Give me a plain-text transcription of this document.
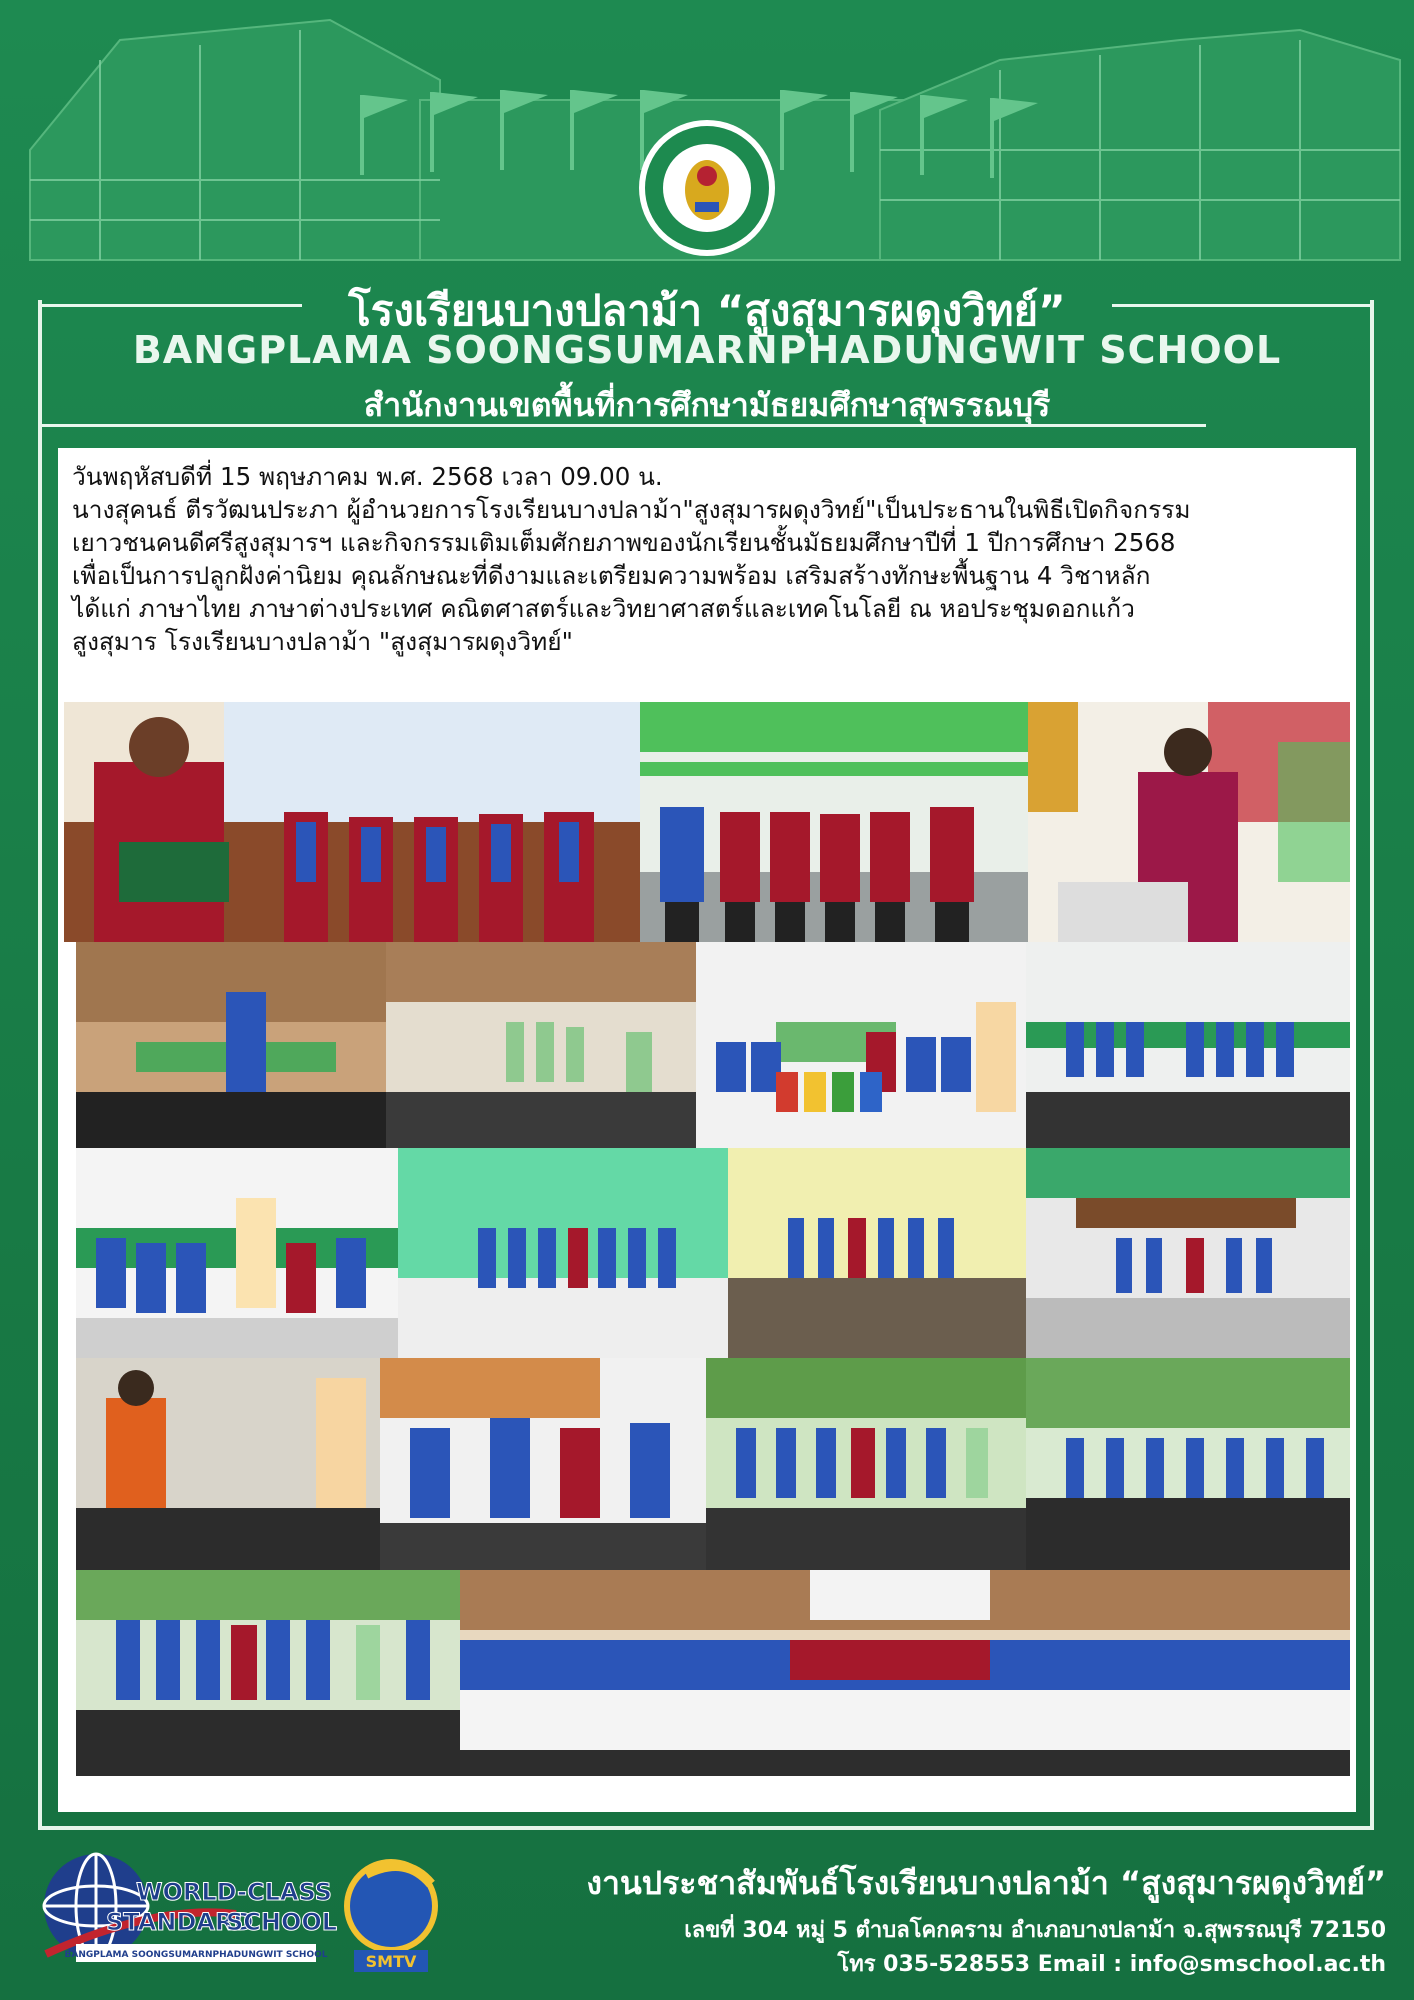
โรงเรียนบางปลาม้า “สูงสุมารผดุงวิทย์”
BANGPLAMA SOONGSUMARNPHADUNGWIT SCHOOL
สำนักงานเขตพื้นที่การศึกษามัธยมศึกษาสุพรรณบุรี

วันพฤหัสบดีที่ 15 พฤษภาคม พ.ศ. 2568 เวลา 09.00 น.

นางสุคนธ์ ตีรวัฒนประภา ผู้อำนวยการโรงเรียนบางปลาม้า"สูงสุมารผดุงวิทย์"เป็นประธานในพิธีเปิดกิจกรรม

เยาวชนคนดีศรีสูงสุมารฯ และกิจกรรมเติมเต็มศักยภาพของนักเรียนชั้นมัธยมศึกษาปีที่ 1 ปีการศึกษา 2568

เพื่อเป็นการปลูกฝังค่านิยม คุณลักษณะที่ดีงามและเตรียมความพร้อม เสริมสร้างทักษะพื้นฐาน 4 วิชาหลัก

ได้แก่ ภาษาไทย ภาษาต่างประเทศ คณิตศาสตร์และวิทยาศาสตร์และเทคโนโลยี ณ หอประชุมดอกแก้ว

สูงสุมาร โรงเรียนบางปลาม้า "สูงสุมารผดุงวิทย์"

WORLD-CLASS
STANDARD
SCHOOL
BANGPLAMA SOONGSUMARNPHADUNGWIT SCHOOL SMTV
งานประชาสัมพันธ์โรงเรียนบางปลาม้า “สูงสุมารผดุงวิทย์”
เลขที่ 304 หมู่ 5 ตำบลโคกคราม อำเภอบางปลาม้า จ.สุพรรณบุรี 72150
โทร 035-528553 Email : info@smschool.ac.th
